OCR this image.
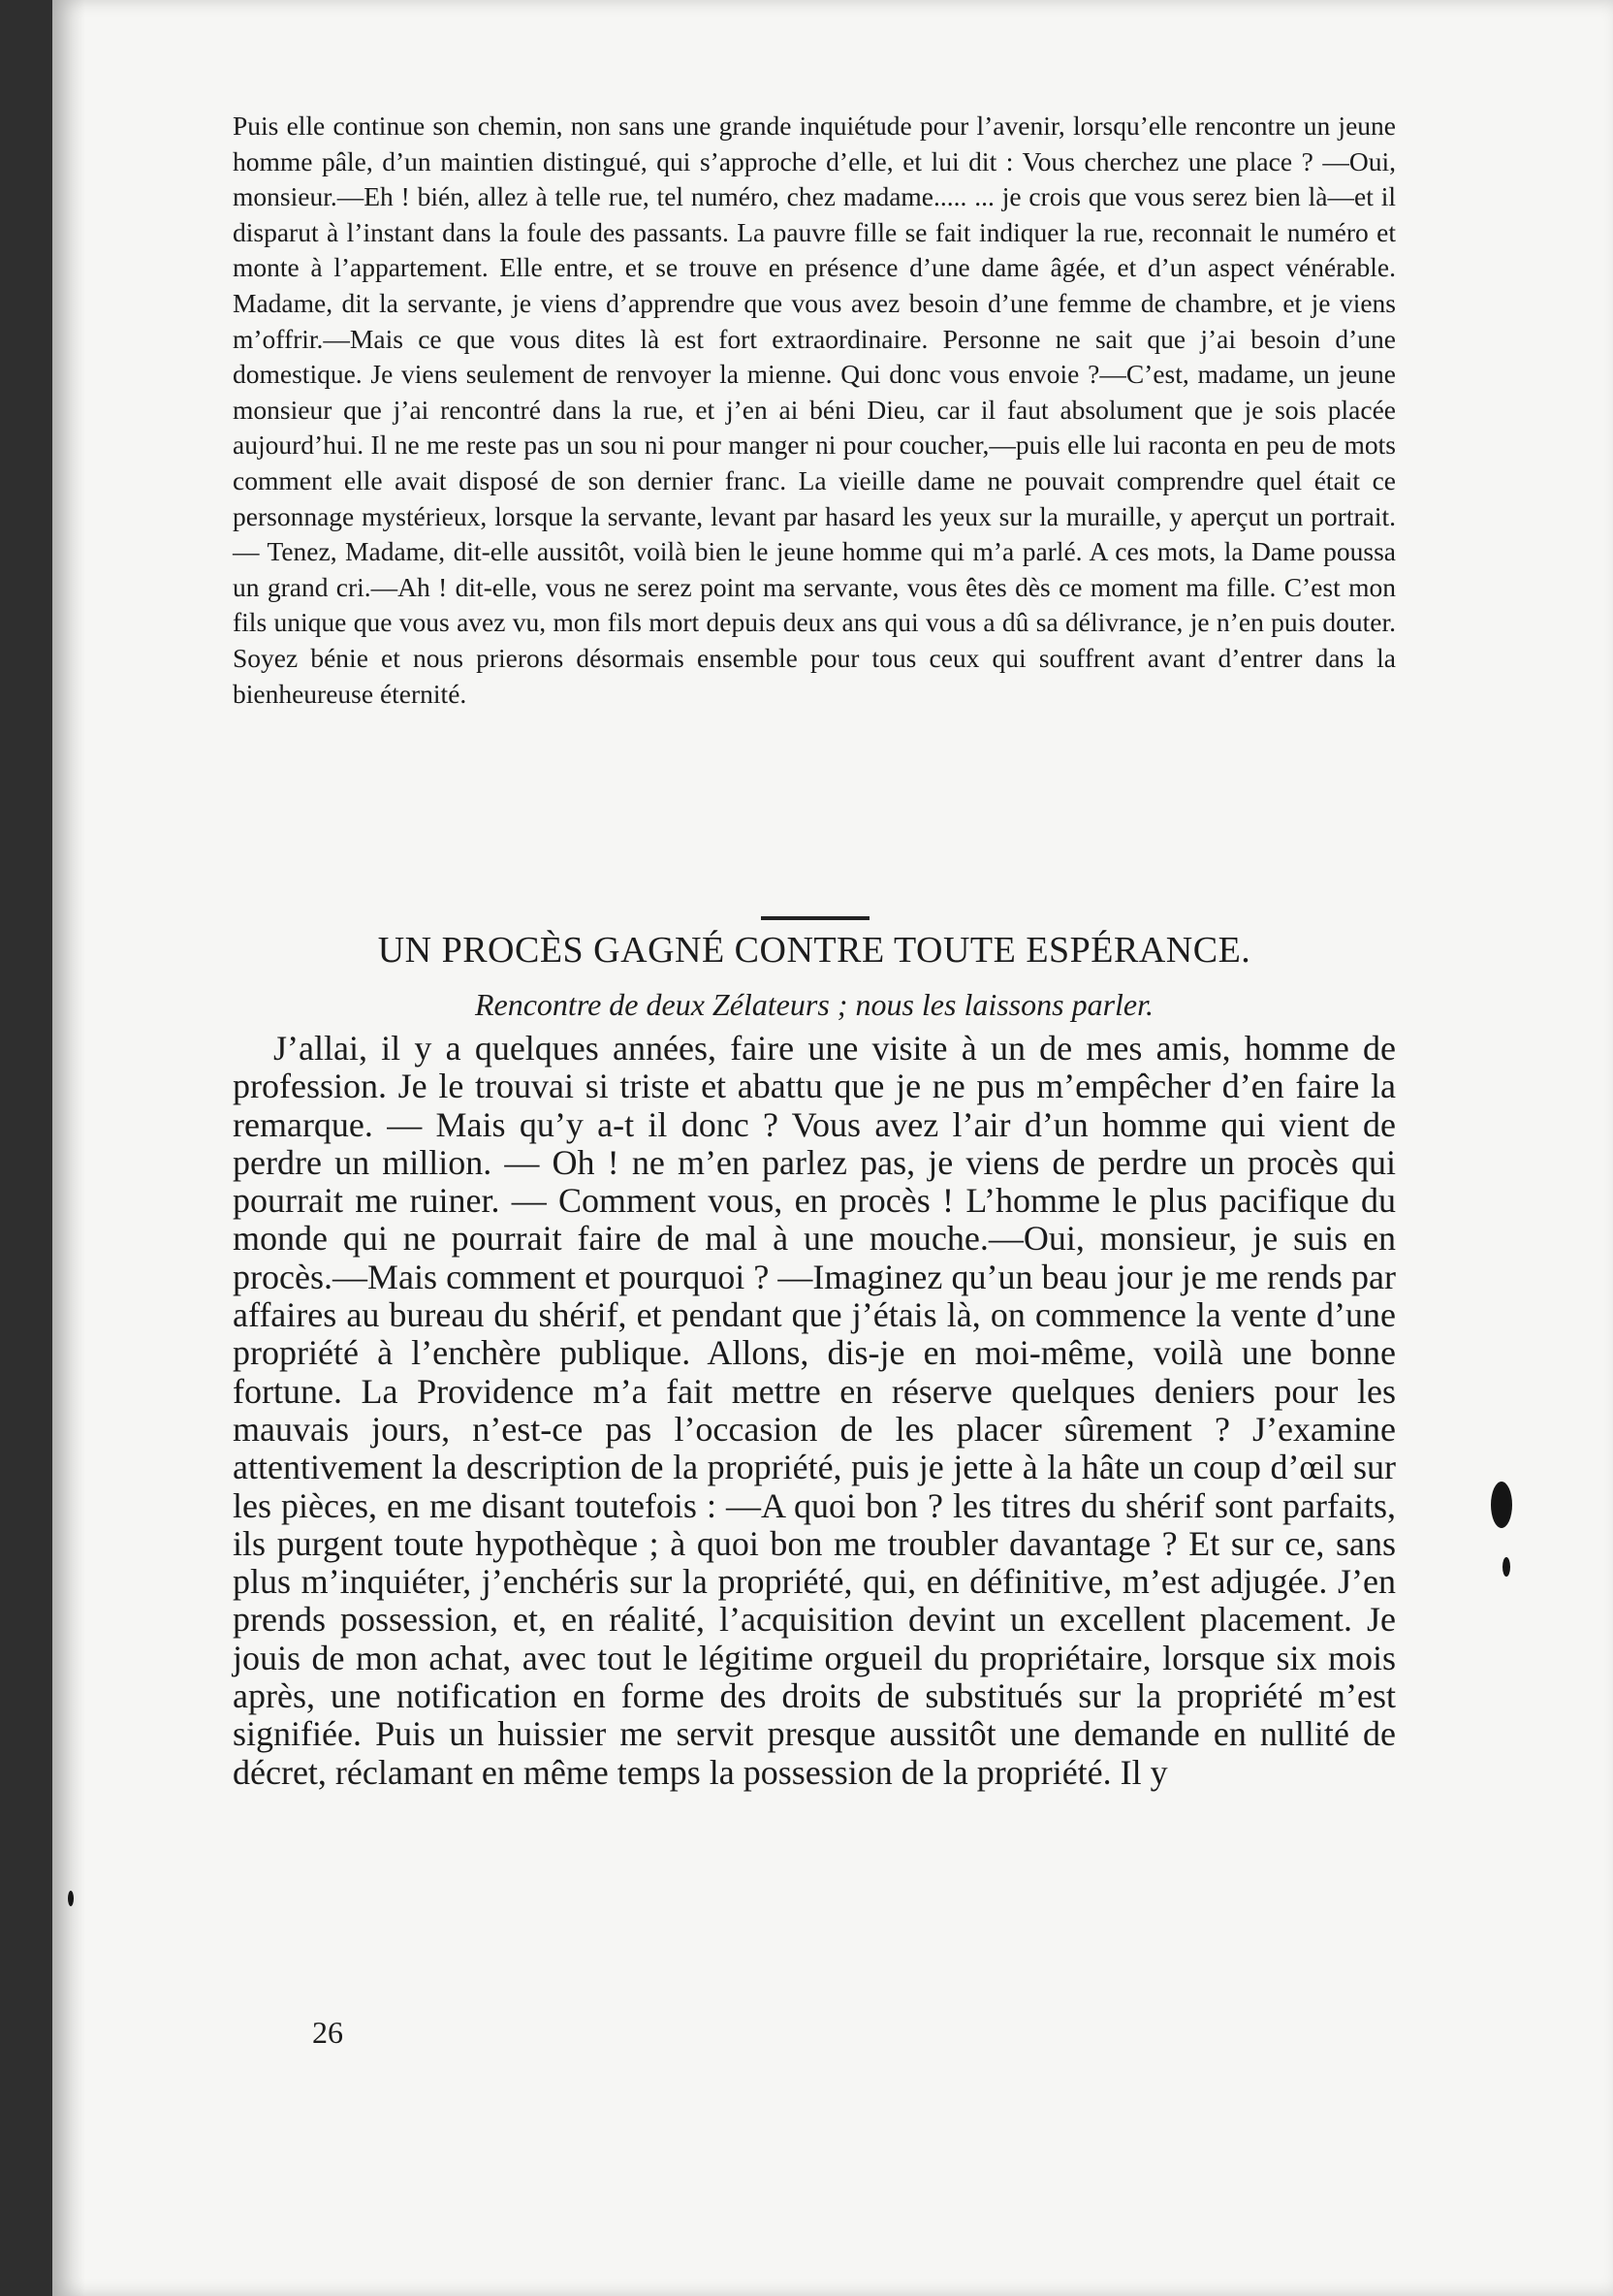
Puis elle continue son chemin, non sans une grande inquiétude pour l’avenir, lorsqu’elle rencontre un jeune homme pâle, d’un maintien distingué, qui s’approche d’elle, et lui dit : Vous cherchez une place ? —Oui, monsieur.—Eh ! bién, allez à telle rue, tel numéro, chez madame..... ... je crois que vous serez bien là—et il disparut à l’instant dans la foule des passants. La pauvre fille se fait indiquer la rue, reconnait le numéro et monte à l’appartement. Elle entre, et se trouve en présence d’une dame âgée, et d’un aspect vénérable. Madame, dit la servante, je viens d’apprendre que vous avez besoin d’une femme de chambre, et je viens m’offrir.—Mais ce que vous dites là est fort extraordinaire. Personne ne sait que j’ai besoin d’une domestique. Je viens seulement de renvoyer la mienne. Qui donc vous envoie ?—C’est, madame, un jeune monsieur que j’ai rencontré dans la rue, et j’en ai béni Dieu, car il faut absolument que je sois placée aujourd’hui. Il ne me reste pas un sou ni pour manger ni pour coucher,—puis elle lui raconta en peu de mots comment elle avait disposé de son dernier franc. La vieille dame ne pouvait comprendre quel était ce personnage mystérieux, lorsque la servante, levant par hasard les yeux sur la muraille, y aperçut un portrait. — Tenez, Madame, dit-elle aussitôt, voilà bien le jeune homme qui m’a parlé. A ces mots, la Dame poussa un grand cri.—Ah ! dit-elle, vous ne serez point ma servante, vous êtes dès ce moment ma fille. C’est mon fils unique que vous avez vu, mon fils mort depuis deux ans qui vous a dû sa délivrance, je n’en puis douter. Soyez bénie et nous prierons désormais ensemble pour tous ceux qui souffrent avant d’entrer dans la bienheureuse éternité.

UN PROCÈS GAGNÉ CONTRE TOUTE ESPÉRANCE.

Rencontre de deux Zélateurs ; nous les laissons parler.

J’allai, il y a quelques années, faire une visite à un de mes amis, homme de profession. Je le trouvai si triste et abattu que je ne pus m’empêcher d’en faire la remarque. — Mais qu’y a-t il donc ? Vous avez l’air d’un homme qui vient de perdre un million. — Oh ! ne m’en parlez pas, je viens de perdre un procès qui pourrait me ruiner. — Comment vous, en procès ! L’homme le plus pacifique du monde qui ne pourrait faire de mal à une mouche.—Oui, monsieur, je suis en procès.—Mais comment et pourquoi ? —Imaginez qu’un beau jour je me rends par affaires au bureau du shérif, et pendant que j’étais là, on commence la vente d’une propriété à l’enchère publique. Allons, dis-je en moi-même, voilà une bonne fortune. La Providence m’a fait mettre en réserve quelques deniers pour les mauvais jours, n’est-ce pas l’occasion de les placer sûrement ? J’examine attentivement la description de la propriété, puis je jette à la hâte un coup d’œil sur les pièces, en me disant toutefois : —A quoi bon ? les titres du shérif sont parfaits, ils purgent toute hypothèque ; à quoi bon me troubler davantage ? Et sur ce, sans plus m’inquiéter, j’enchéris sur la propriété, qui, en définitive, m’est adjugée. J’en prends possession, et, en réalité, l’acquisition devint un excellent placement. Je jouis de mon achat, avec tout le légitime orgueil du propriétaire, lorsque six mois après, une notification en forme des droits de substitués sur la propriété m’est signifiée. Puis un huissier me servit presque aussitôt une demande en nullité de décret, réclamant en même temps la possession de la propriété. Il y

26
